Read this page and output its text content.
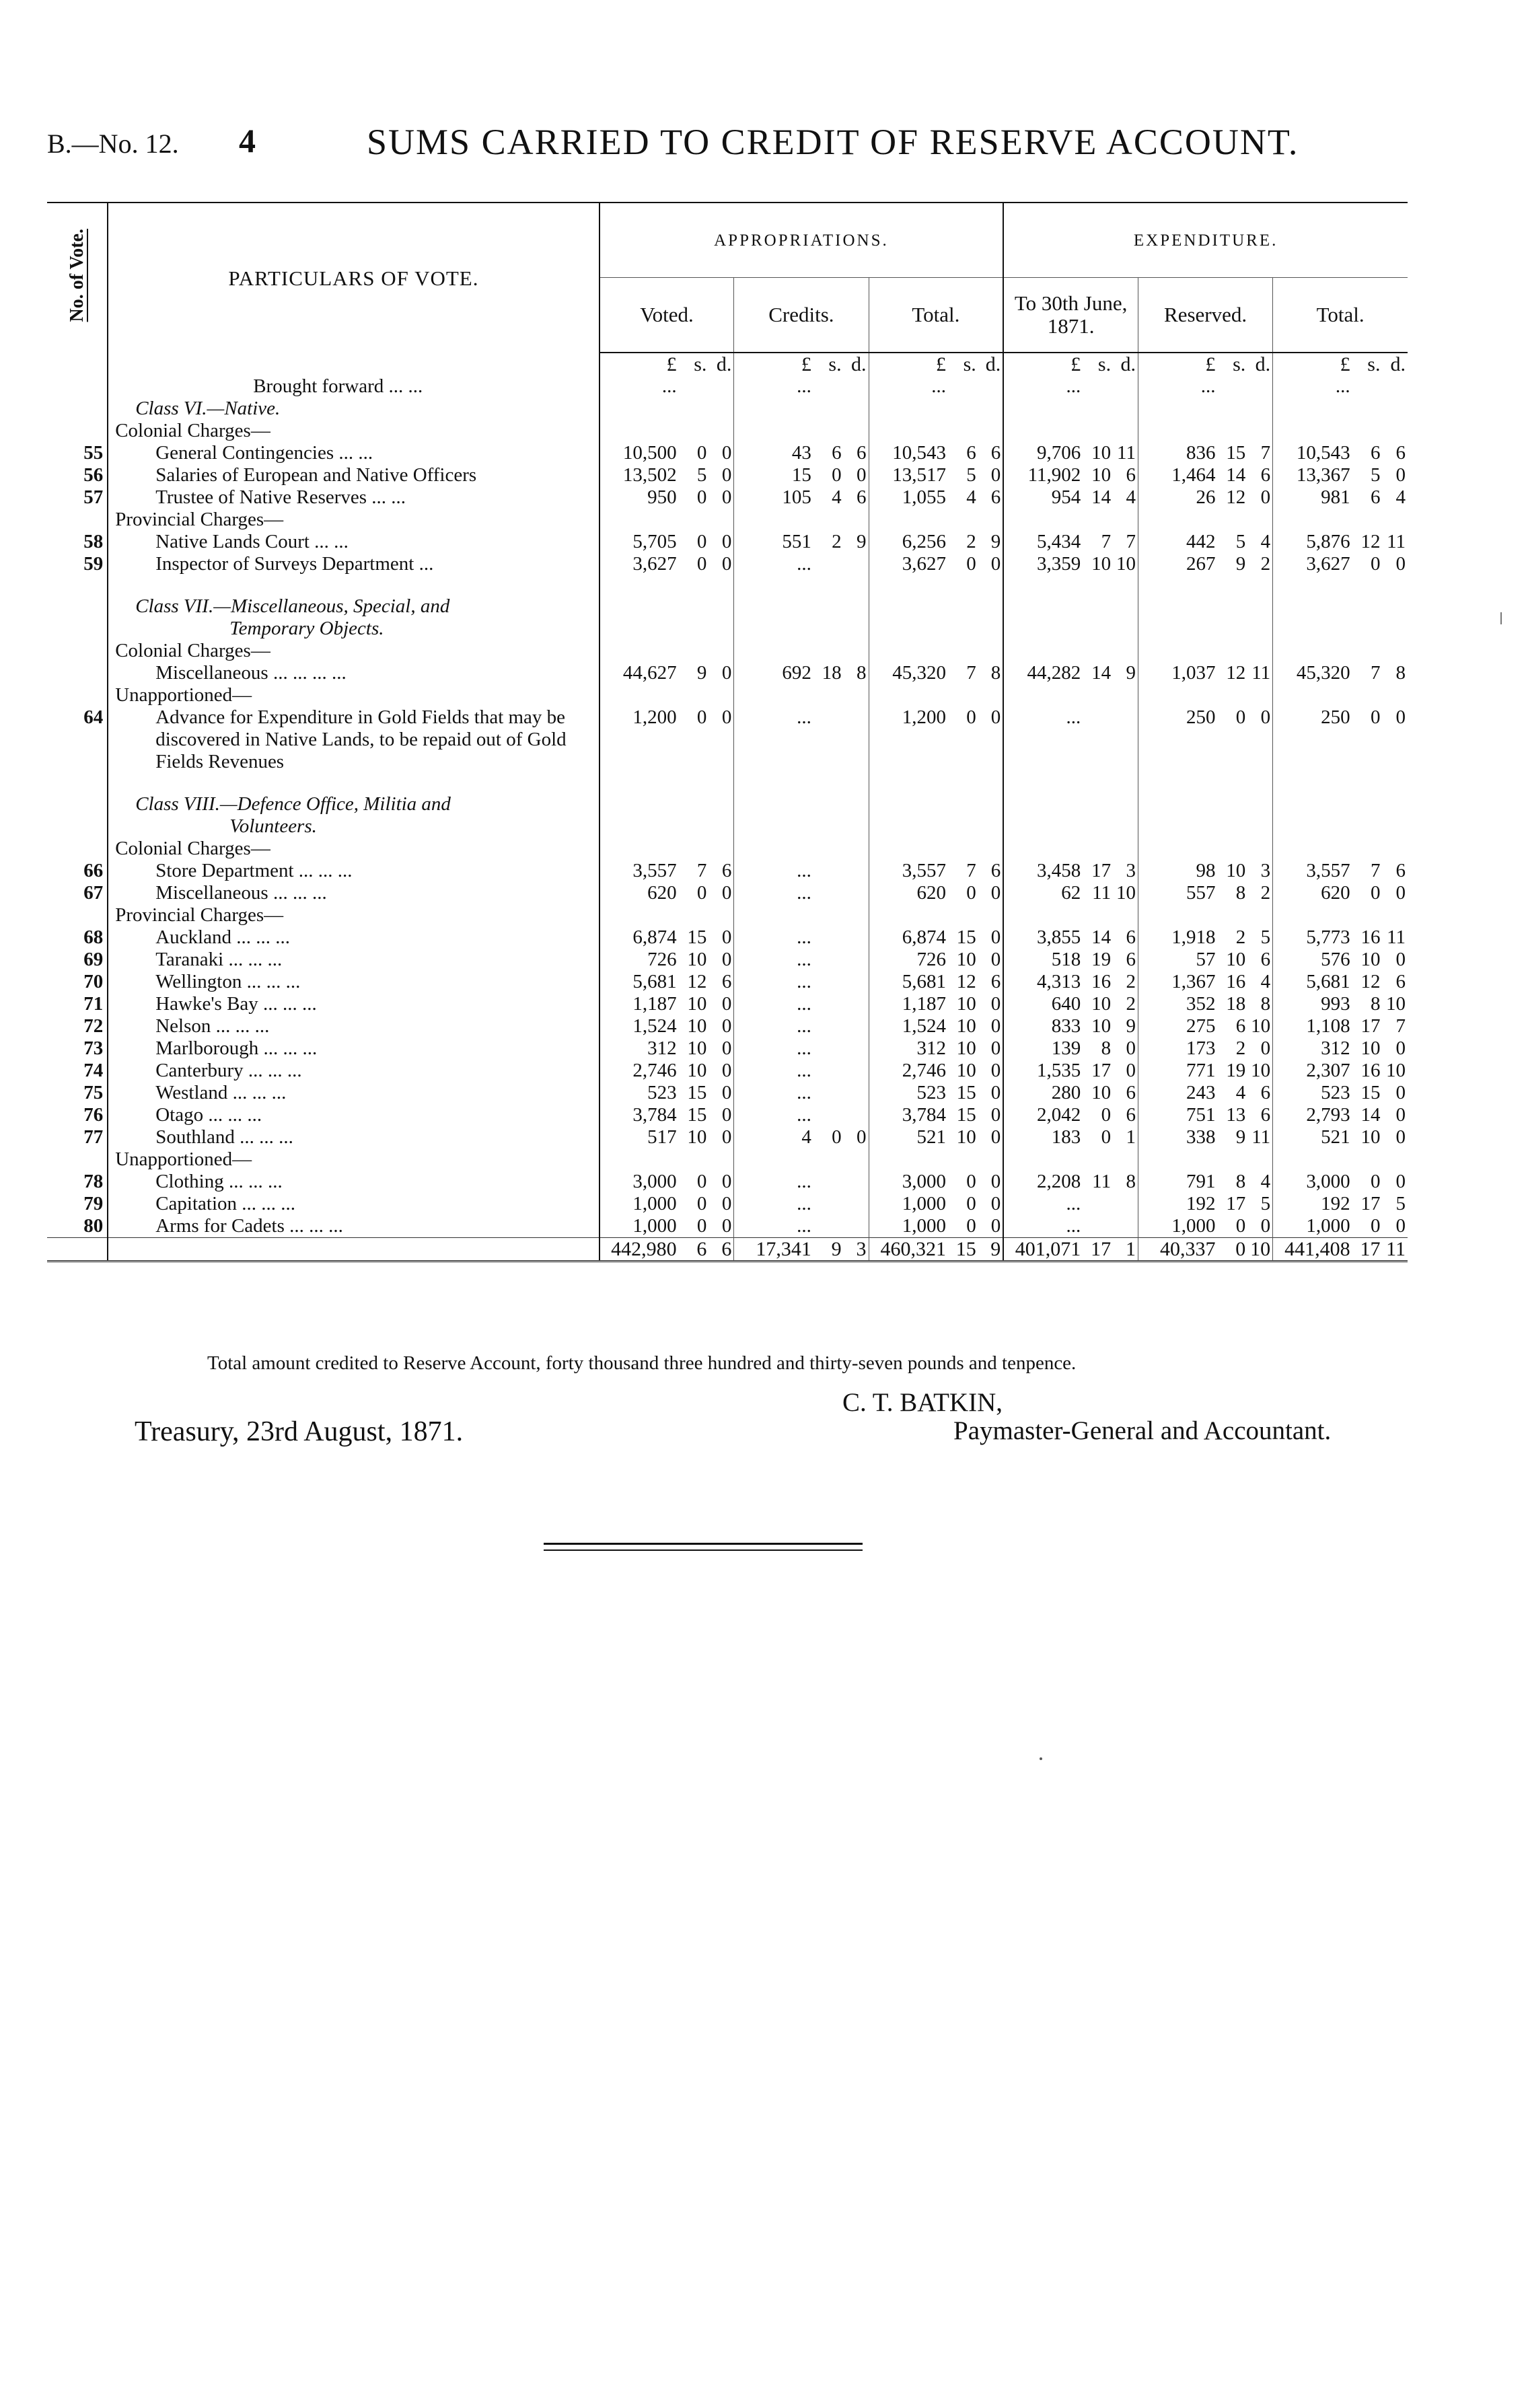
B.—No. 12. 4	SUMS CARRIED TO CREDIT OF RESERVE ACCOUNT.
No. of Vote.	PARTICULARS OF VOTE.	APPROPRIATIONS.									EXPENDITURE.								
		Voted.			Credits.			Total.			To 30th June, 1871.			Reserved.			Total.		
		£	s.	d.	£	s.	d.	£	s.	d.	£	s.	d.	£	s.	d.	£	s.	d.
	Brought forward ... ...	...			...			...			...			...			...		
	Class VI.—Native.																		
	Colonial Charges—																		
55	General Contingencies ... ...	10,500	0	0	43	6	6	10,543	6	6	9,706	10	11	836	15	7	10,543	6	6
56	Salaries of European and Native Officers	13,502	5	0	15	0	0	13,517	5	0	11,902	10	6	1,464	14	6	13,367	5	0
57	Trustee of Native Reserves ... ...	950	0	0	105	4	6	1,055	4	6	954	14	4	26	12	0	981	6	4
	Provincial Charges—																		
58	Native Lands Court ... ...	5,705	0	0	551	2	9	6,256	2	9	5,434	7	7	442	5	4	5,876	12	11
59	Inspector of Surveys Department ...	3,627	0	0	...			3,627	0	0	3,359	10	10	267	9	2	3,627	0	0

	Class VII.—Miscellaneous, Special, and																		
	Temporary Objects.																		
	Colonial Charges—																		
	Miscellaneous ... ... ... ...	44,627	9	0	692	18	8	45,320	7	8	44,282	14	9	1,037	12	11	45,320	7	8
	Unapportioned—																		
64	Advance for Expenditure in Gold Fields that may be discovered in Native Lands, to be repaid out of Gold Fields Revenues	1,200	0	0	...			1,200	0	0	...			250	0	0	250	0	0

	Class VIII.—Defence Office, Militia and																		
	Volunteers.																		
	Colonial Charges—																		
66	Store Department ... ... ...	3,557	7	6	...			3,557	7	6	3,458	17	3	98	10	3	3,557	7	6
67	Miscellaneous ... ... ...	620	0	0	...			620	0	0	62	11	10	557	8	2	620	0	0
	Provincial Charges—																		
68	Auckland ... ... ...	6,874	15	0	...			6,874	15	0	3,855	14	6	1,918	2	5	5,773	16	11
69	Taranaki ... ... ...	726	10	0	...			726	10	0	518	19	6	57	10	6	576	10	0
70	Wellington ... ... ...	5,681	12	6	...			5,681	12	6	4,313	16	2	1,367	16	4	5,681	12	6
71	Hawke's Bay ... ... ...	1,187	10	0	...			1,187	10	0	640	10	2	352	18	8	993	8	10
72	Nelson ... ... ...	1,524	10	0	...			1,524	10	0	833	10	9	275	6	10	1,108	17	7
73	Marlborough ... ... ...	312	10	0	...			312	10	0	139	8	0	173	2	0	312	10	0
74	Canterbury ... ... ...	2,746	10	0	...			2,746	10	0	1,535	17	0	771	19	10	2,307	16	10
75	Westland ... ... ...	523	15	0	...			523	15	0	280	10	6	243	4	6	523	15	0
76	Otago ... ... ...	3,784	15	0	...			3,784	15	0	2,042	0	6	751	13	6	2,793	14	0
77	Southland ... ... ...	517	10	0	4	0	0	521	10	0	183	0	1	338	9	11	521	10	0
	Unapportioned—																		
78	Clothing ... ... ...	3,000	0	0	...			3,000	0	0	2,208	11	8	791	8	4	3,000	0	0
79	Capitation ... ... ...	1,000	0	0	...			1,000	0	0	...			192	17	5	192	17	5
80	Arms for Cadets ... ... ...	1,000	0	0	...			1,000	0	0	...			1,000	0	0	1,000	0	0
		442,980	6	6	17,341	9	3	460,321	15	9	401,071	17	1	40,337	0	10	441,408	17	11
Total amount credited to Reserve Account, forty thousand three hundred and thirty-seven pounds and tenpence.
C. T. BATKIN,
Paymaster-General and Accountant.
Treasury, 23rd August, 1871.
